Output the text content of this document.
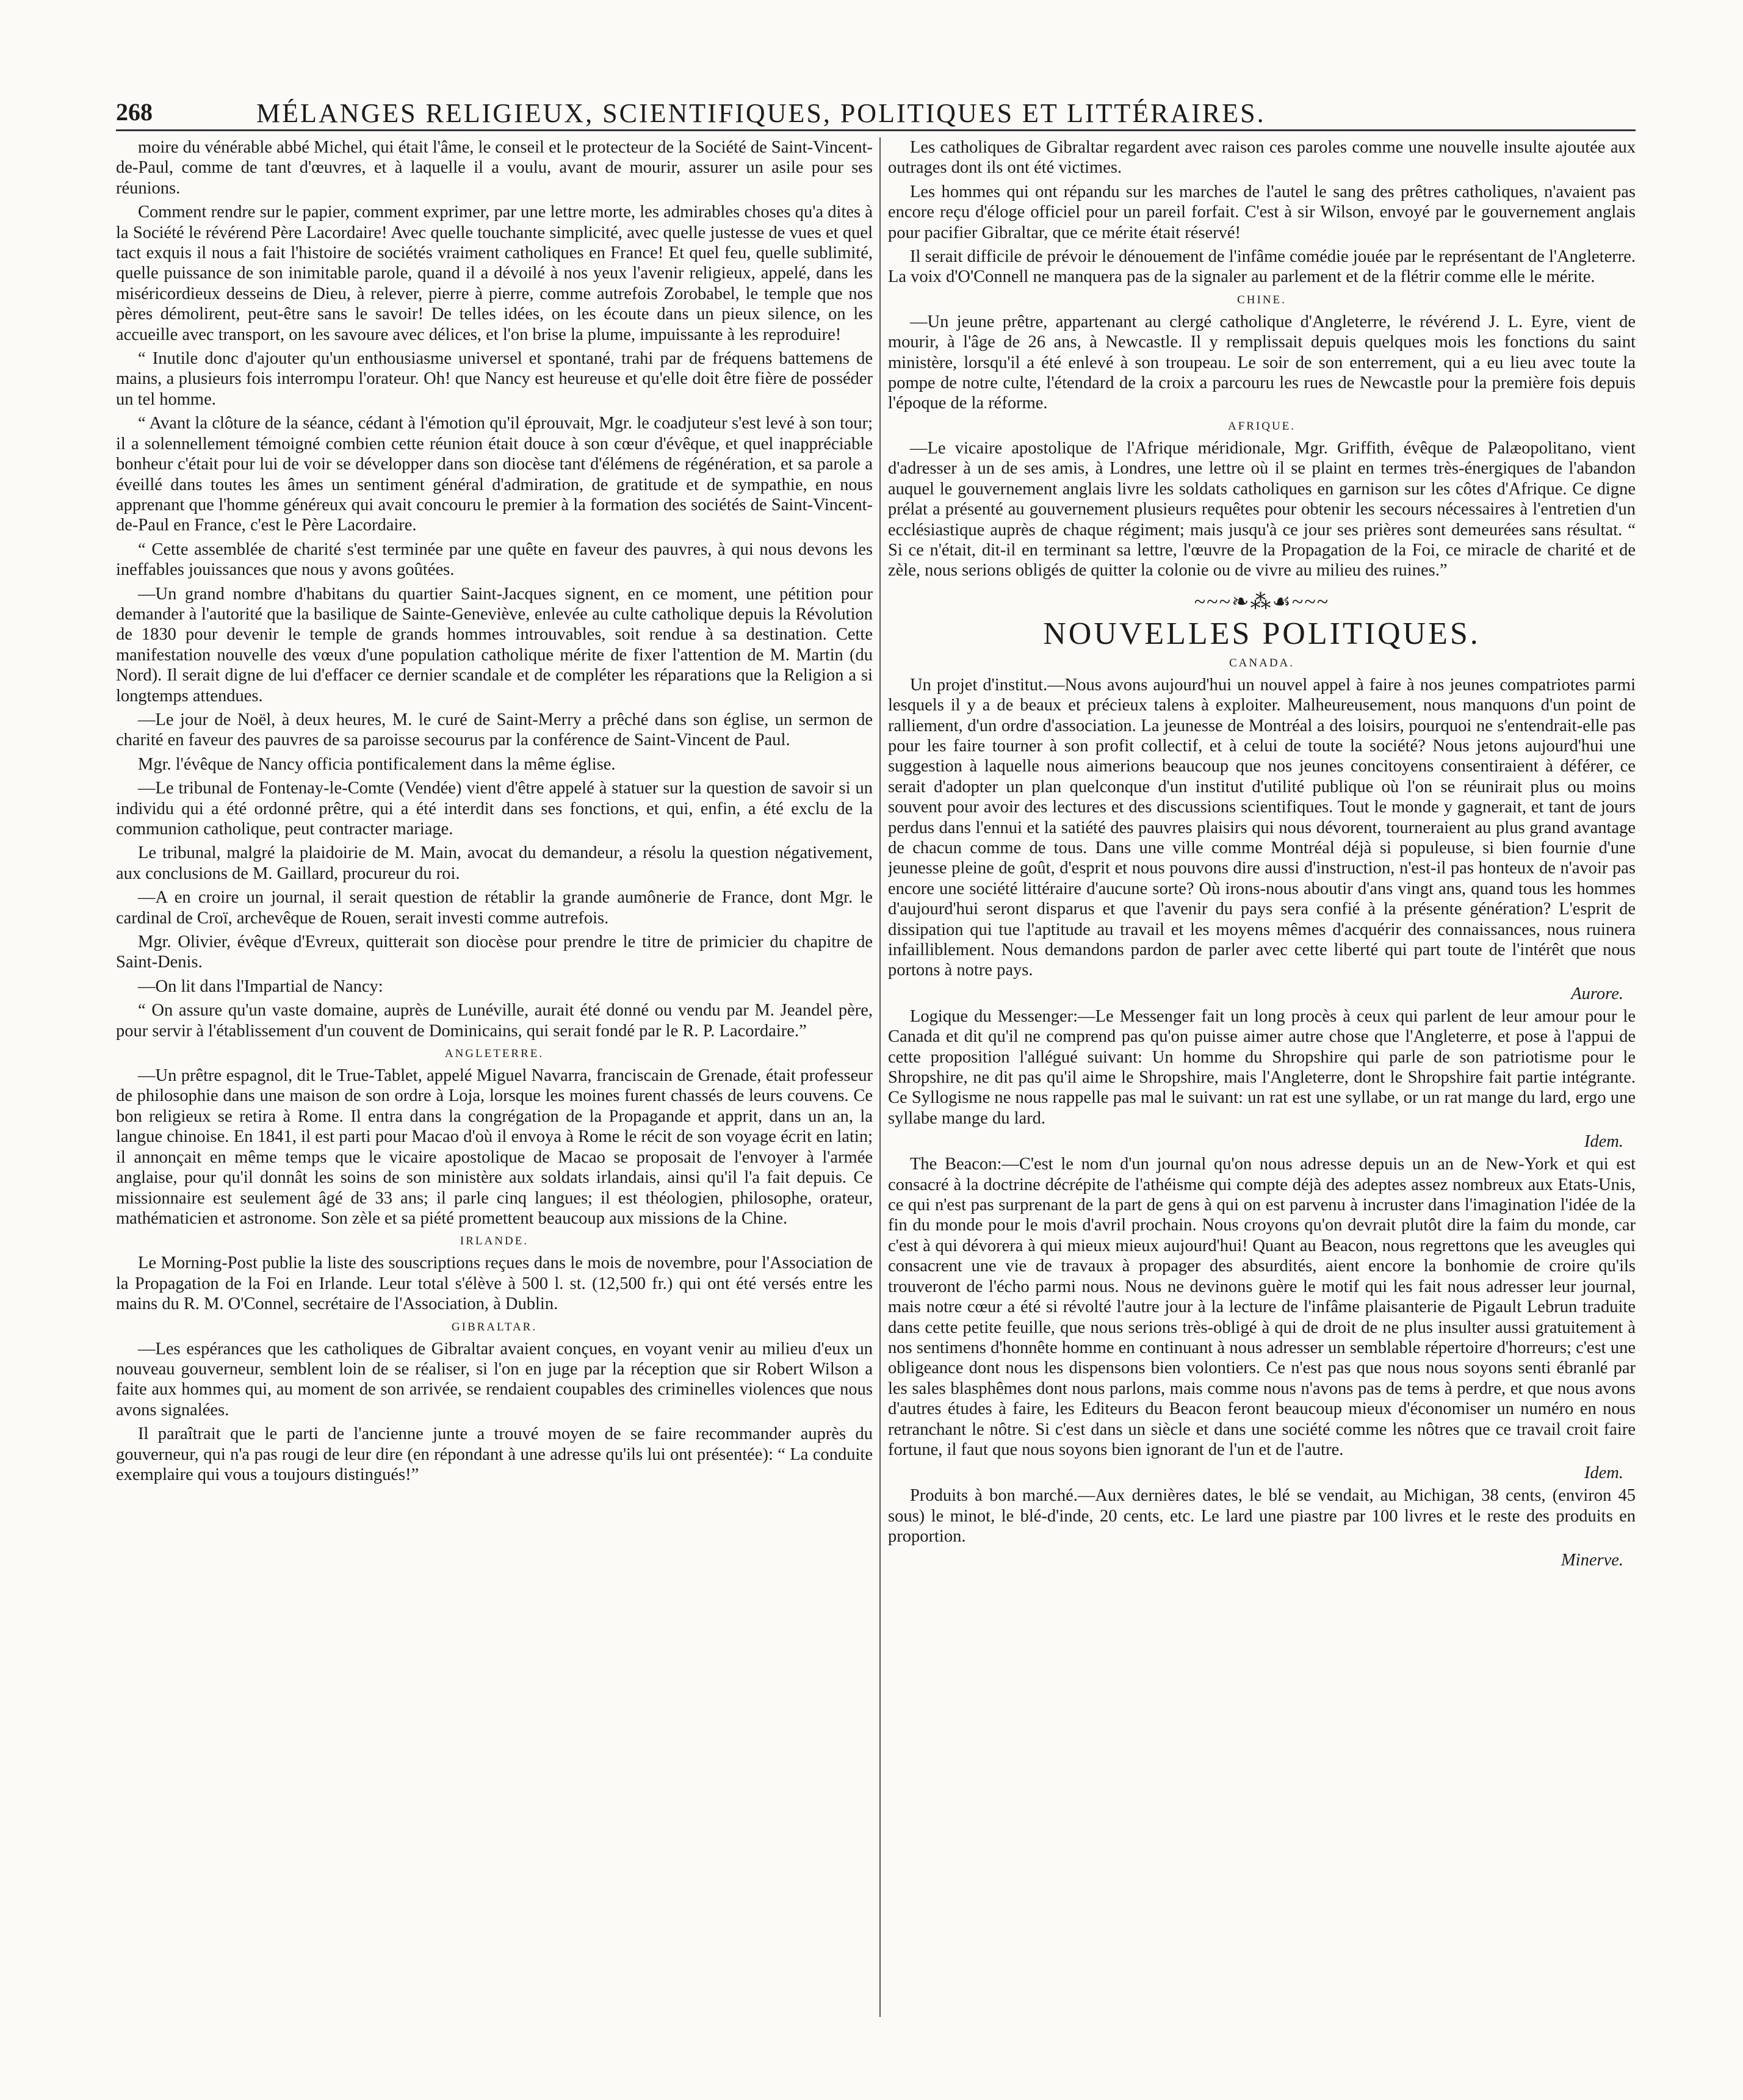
268	MÉLANGES RELIGIEUX, SCIENTIFIQUES, POLITIQUES ET LITTÉRAIRES.

moire du vénérable abbé Michel, qui était l'âme, le conseil et le protecteur de la Société de Saint-Vincent-de-Paul, comme de tant d'œuvres, et à laquelle il a voulu, avant de mourir, assurer un asile pour ses réunions.

Comment rendre sur le papier, comment exprimer, par une lettre morte, les admirables choses qu'a dites à la Société le révérend Père Lacordaire! Avec quelle touchante simplicité, avec quelle justesse de vues et quel tact exquis il nous a fait l'histoire de sociétés vraiment catholiques en France! Et quel feu, quelle sublimité, quelle puissance de son inimitable parole, quand il a dévoilé à nos yeux l'avenir religieux, appelé, dans les miséricordieux desseins de Dieu, à relever, pierre à pierre, comme autrefois Zorobabel, le temple que nos pères démolirent, peut-être sans le savoir! De telles idées, on les écoute dans un pieux silence, on les accueille avec transport, on les savoure avec délices, et l'on brise la plume, impuissante à les reproduire!

“ Inutile donc d'ajouter qu'un enthousiasme universel et spontané, trahi par de fréquens battemens de mains, a plusieurs fois interrompu l'orateur. Oh! que Nancy est heureuse et qu'elle doit être fière de posséder un tel homme.

“ Avant la clôture de la séance, cédant à l'émotion qu'il éprouvait, Mgr. le coadjuteur s'est levé à son tour; il a solennellement témoigné combien cette réunion était douce à son cœur d'évêque, et quel inappréciable bonheur c'était pour lui de voir se développer dans son diocèse tant d'élémens de régénération, et sa parole a éveillé dans toutes les âmes un sentiment général d'admiration, de gratitude et de sympathie, en nous apprenant que l'homme généreux qui avait concouru le premier à la formation des sociétés de Saint-Vincent-de-Paul en France, c'est le Père Lacordaire.

“ Cette assemblée de charité s'est terminée par une quête en faveur des pauvres, à qui nous devons les ineffables jouissances que nous y avons goûtées.

—Un grand nombre d'habitans du quartier Saint-Jacques signent, en ce moment, une pétition pour demander à l'autorité que la basilique de Sainte-Geneviève, enlevée au culte catholique depuis la Révolution de 1830 pour devenir le temple de grands hommes introuvables, soit rendue à sa destination. Cette manifestation nouvelle des vœux d'une population catholique mérite de fixer l'attention de M. Martin (du Nord). Il serait digne de lui d'effacer ce dernier scandale et de compléter les réparations que la Religion a si longtemps attendues.

—Le jour de Noël, à deux heures, M. le curé de Saint-Merry a prêché dans son église, un sermon de charité en faveur des pauvres de sa paroisse secourus par la conférence de Saint-Vincent de Paul.

Mgr. l'évêque de Nancy officia pontificalement dans la même église.

—Le tribunal de Fontenay-le-Comte (Vendée) vient d'être appelé à statuer sur la question de savoir si un individu qui a été ordonné prêtre, qui a été interdit dans ses fonctions, et qui, enfin, a été exclu de la communion catholique, peut contracter mariage.

Le tribunal, malgré la plaidoirie de M. Main, avocat du demandeur, a résolu la question négativement, aux conclusions de M. Gaillard, procureur du roi.

—A en croire un journal, il serait question de rétablir la grande aumônerie de France, dont Mgr. le cardinal de Croï, archevêque de Rouen, serait investi comme autrefois.

Mgr. Olivier, évêque d'Evreux, quitterait son diocèse pour prendre le titre de primicier du chapitre de Saint-Denis.

—On lit dans l'Impartial de Nancy:

“ On assure qu'un vaste domaine, auprès de Lunéville, aurait été donné ou vendu par M. Jeandel père, pour servir à l'établissement d'un couvent de Dominicains, qui serait fondé par le R. P. Lacordaire.”

ANGLETERRE.

—Un prêtre espagnol, dit le True-Tablet, appelé Miguel Navarra, franciscain de Grenade, était professeur de philosophie dans une maison de son ordre à Loja, lorsque les moines furent chassés de leurs couvens. Ce bon religieux se retira à Rome. Il entra dans la congrégation de la Propagande et apprit, dans un an, la langue chinoise. En 1841, il est parti pour Macao d'où il envoya à Rome le récit de son voyage écrit en latin; il annonçait en même temps que le vicaire apostolique de Macao se proposait de l'envoyer à l'armée anglaise, pour qu'il donnât les soins de son ministère aux soldats irlandais, ainsi qu'il l'a fait depuis. Ce missionnaire est seulement âgé de 33 ans; il parle cinq langues; il est théologien, philosophe, orateur, mathématicien et astronome. Son zèle et sa piété promettent beaucoup aux missions de la Chine.

IRLANDE.

Le Morning-Post publie la liste des souscriptions reçues dans le mois de novembre, pour l'Association de la Propagation de la Foi en Irlande. Leur total s'élève à 500 l. st. (12,500 fr.) qui ont été versés entre les mains du R. M. O'Connel, secrétaire de l'Association, à Dublin.

GIBRALTAR.

—Les espérances que les catholiques de Gibraltar avaient conçues, en voyant venir au milieu d'eux un nouveau gouverneur, semblent loin de se réaliser, si l'on en juge par la réception que sir Robert Wilson a faite aux hommes qui, au moment de son arrivée, se rendaient coupables des criminelles violences que nous avons signalées.

Il paraîtrait que le parti de l'ancienne junte a trouvé moyen de se faire recommander auprès du gouverneur, qui n'a pas rougi de leur dire (en répondant à une adresse qu'ils lui ont présentée): “ La conduite exemplaire qui vous a toujours distingués!”

Les catholiques de Gibraltar regardent avec raison ces paroles comme une nouvelle insulte ajoutée aux outrages dont ils ont été victimes.

Les hommes qui ont répandu sur les marches de l'autel le sang des prêtres catholiques, n'avaient pas encore reçu d'éloge officiel pour un pareil forfait. C'est à sir Wilson, envoyé par le gouvernement anglais pour pacifier Gibraltar, que ce mérite était réservé!

Il serait difficile de prévoir le dénouement de l'infâme comédie jouée par le représentant de l'Angleterre. La voix d'O'Connell ne manquera pas de la signaler au parlement et de la flétrir comme elle le mérite.

CHINE.

—Un jeune prêtre, appartenant au clergé catholique d'Angleterre, le révérend J. L. Eyre, vient de mourir, à l'âge de 26 ans, à Newcastle. Il y remplissait depuis quelques mois les fonctions du saint ministère, lorsqu'il a été enlevé à son troupeau. Le soir de son enterrement, qui a eu lieu avec toute la pompe de notre culte, l'étendard de la croix a parcouru les rues de Newcastle pour la première fois depuis l'époque de la réforme.

AFRIQUE.

—Le vicaire apostolique de l'Afrique méridionale, Mgr. Griffith, évêque de Palæopolitano, vient d'adresser à un de ses amis, à Londres, une lettre où il se plaint en termes très-énergiques de l'abandon auquel le gouvernement anglais livre les soldats catholiques en garnison sur les côtes d'Afrique. Ce digne prélat a présenté au gouvernement plusieurs requêtes pour obtenir les secours nécessaires à l'entretien d'un ecclésiastique auprès de chaque régiment; mais jusqu'à ce jour ses prières sont demeurées sans résultat. “ Si ce n'était, dit-il en terminant sa lettre, l'œuvre de la Propagation de la Foi, ce miracle de charité et de zèle, nous serions obligés de quitter la colonie ou de vivre au milieu des ruines.”

~~~❧⁂☙~~~

NOUVELLES POLITIQUES.

CANADA.

Un projet d'institut.—Nous avons aujourd'hui un nouvel appel à faire à nos jeunes compatriotes parmi lesquels il y a de beaux et précieux talens à exploiter. Malheureusement, nous manquons d'un point de ralliement, d'un ordre d'association. La jeunesse de Montréal a des loisirs, pourquoi ne s'entendrait-elle pas pour les faire tourner à son profit collectif, et à celui de toute la société? Nous jetons aujourd'hui une suggestion à laquelle nous aimerions beaucoup que nos jeunes concitoyens consentiraient à déférer, ce serait d'adopter un plan quelconque d'un institut d'utilité publique où l'on se réunirait plus ou moins souvent pour avoir des lectures et des discussions scientifiques. Tout le monde y gagnerait, et tant de jours perdus dans l'ennui et la satiété des pauvres plaisirs qui nous dévorent, tourneraient au plus grand avantage de chacun comme de tous. Dans une ville comme Montréal déjà si populeuse, si bien fournie d'une jeunesse pleine de goût, d'esprit et nous pouvons dire aussi d'instruction, n'est-il pas honteux de n'avoir pas encore une société littéraire d'aucune sorte? Où irons-nous aboutir d'ans vingt ans, quand tous les hommes d'aujourd'hui seront disparus et que l'avenir du pays sera confié à la présente génération? L'esprit de dissipation qui tue l'aptitude au travail et les moyens mêmes d'acquérir des connaissances, nous ruinera infailliblement. Nous demandons pardon de parler avec cette liberté qui part toute de l'intérêt que nous portons à notre pays.

Aurore.

Logique du Messenger:—Le Messenger fait un long procès à ceux qui parlent de leur amour pour le Canada et dit qu'il ne comprend pas qu'on puisse aimer autre chose que l'Angleterre, et pose à l'appui de cette proposition l'allégué suivant: Un homme du Shropshire qui parle de son patriotisme pour le Shropshire, ne dit pas qu'il aime le Shropshire, mais l'Angleterre, dont le Shropshire fait partie intégrante. Ce Syllogisme ne nous rappelle pas mal le suivant: un rat est une syllabe, or un rat mange du lard, ergo une syllabe mange du lard.

Idem.

The Beacon:—C'est le nom d'un journal qu'on nous adresse depuis un an de New-York et qui est consacré à la doctrine décrépite de l'athéisme qui compte déjà des adeptes assez nombreux aux Etats-Unis, ce qui n'est pas surprenant de la part de gens à qui on est parvenu à incruster dans l'imagination l'idée de la fin du monde pour le mois d'avril prochain. Nous croyons qu'on devrait plutôt dire la faim du monde, car c'est à qui dévorera à qui mieux mieux aujourd'hui! Quant au Beacon, nous regrettons que les aveugles qui consacrent une vie de travaux à propager des absurdités, aient encore la bonhomie de croire qu'ils trouveront de l'écho parmi nous. Nous ne devinons guère le motif qui les fait nous adresser leur journal, mais notre cœur a été si révolté l'autre jour à la lecture de l'infâme plaisanterie de Pigault Lebrun traduite dans cette petite feuille, que nous serions très-obligé à qui de droit de ne plus insulter aussi gratuitement à nos sentimens d'honnête homme en continuant à nous adresser un semblable répertoire d'horreurs; c'est une obligeance dont nous les dispensons bien volontiers. Ce n'est pas que nous nous soyons senti ébranlé par les sales blasphêmes dont nous parlons, mais comme nous n'avons pas de tems à perdre, et que nous avons d'autres études à faire, les Editeurs du Beacon feront beaucoup mieux d'économiser un numéro en nous retranchant le nôtre. Si c'est dans un siècle et dans une société comme les nôtres que ce travail croit faire fortune, il faut que nous soyons bien ignorant de l'un et de l'autre.

Idem.

Produits à bon marché.—Aux dernières dates, le blé se vendait, au Michigan, 38 cents, (environ 45 sous) le minot, le blé-d'inde, 20 cents, etc. Le lard une piastre par 100 livres et le reste des produits en proportion.

Minerve.
